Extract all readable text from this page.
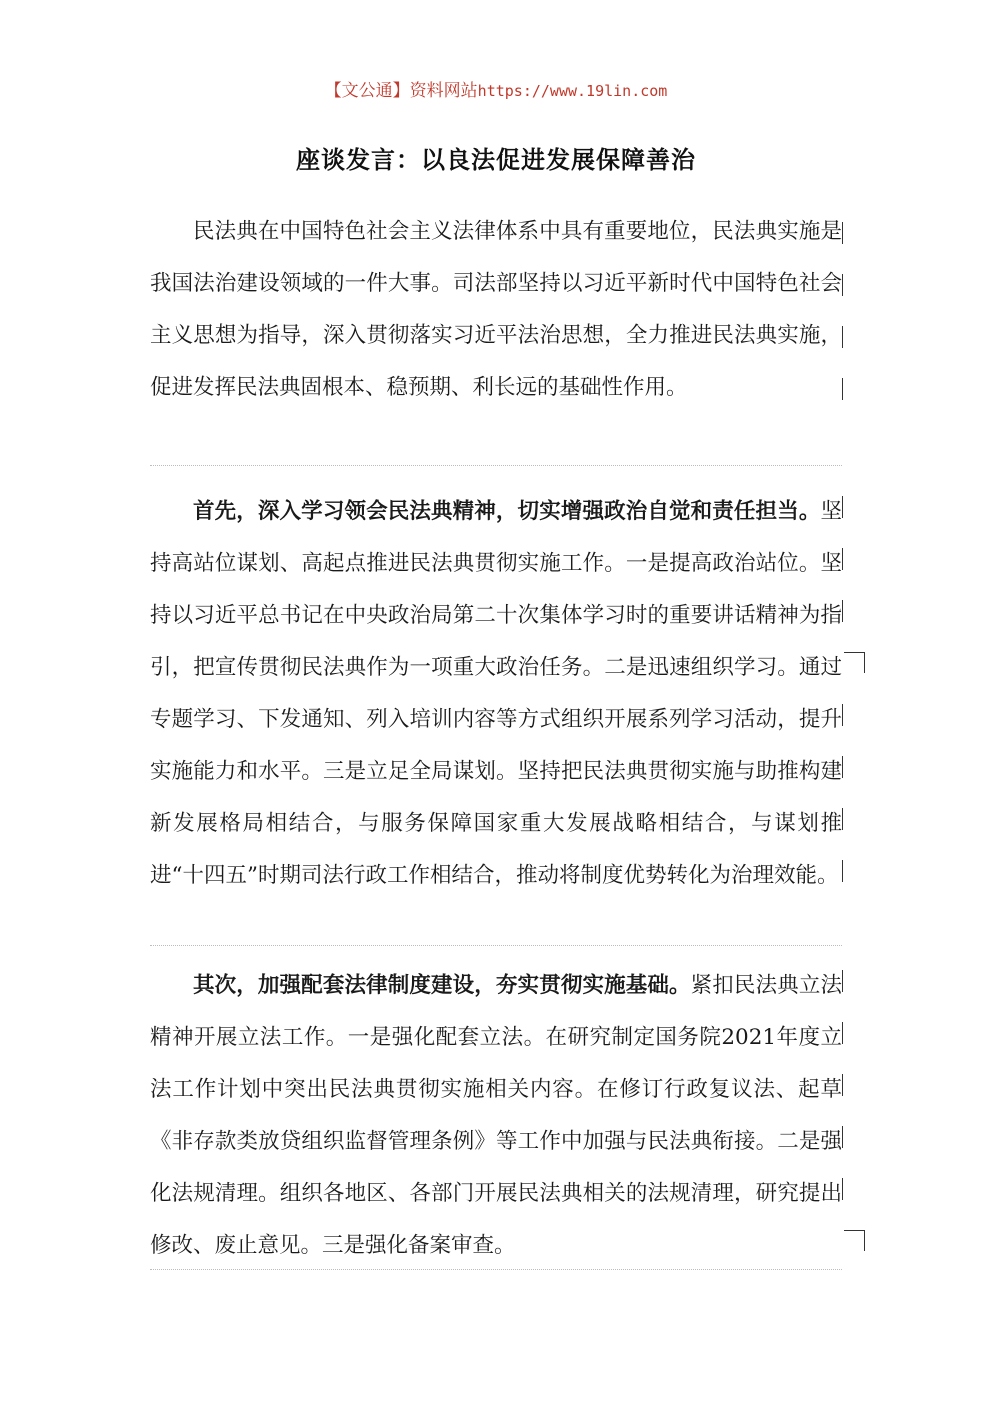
【文公通】资料网站https://www.19lin.com
座谈发言：以良法促进发展保障善治

民法典在中国特色社会主义法律体系中具有重要地位，民法典实施是我国法治建设领域的一件大事。司法部坚持以习近平新时代中国特色社会主义思想为指导，深入贯彻落实习近平法治思想，全力推进民法典实施，促进发挥民法典固根本、稳预期、利长远的基础性作用。

首先，深入学习领会民法典精神，切实增强政治自觉和责任担当。坚持高站位谋划、高起点推进民法典贯彻实施工作。一是提高政治站位。坚持以习近平总书记在中央政治局第二十次集体学习时的重要讲话精神为指引，把宣传贯彻民法典作为一项重大政治任务。二是迅速组织学习。通过专题学习、下发通知、列入培训内容等方式组织开展系列学习活动，提升实施能力和水平。三是立足全局谋划。坚持把民法典贯彻实施与助推构建新发展格局相结合，与服务保障国家重大发展战略相结合，与谋划推进“十四五”时期司法行政工作相结合，推动将制度优势转化为治理效能。

其次，加强配套法律制度建设，夯实贯彻实施基础。紧扣民法典立法精神开展立法工作。一是强化配套立法。在研究制定国务院2021年度立法工作计划中突出民法典贯彻实施相关内容。在修订行政复议法、起草《非存款类放贷组织监督管理条例》等工作中加强与民法典衔接。二是强化法规清理。组织各地区、各部门开展民法典相关的法规清理，研究提出修改、废止意见。三是强化备案审查。
